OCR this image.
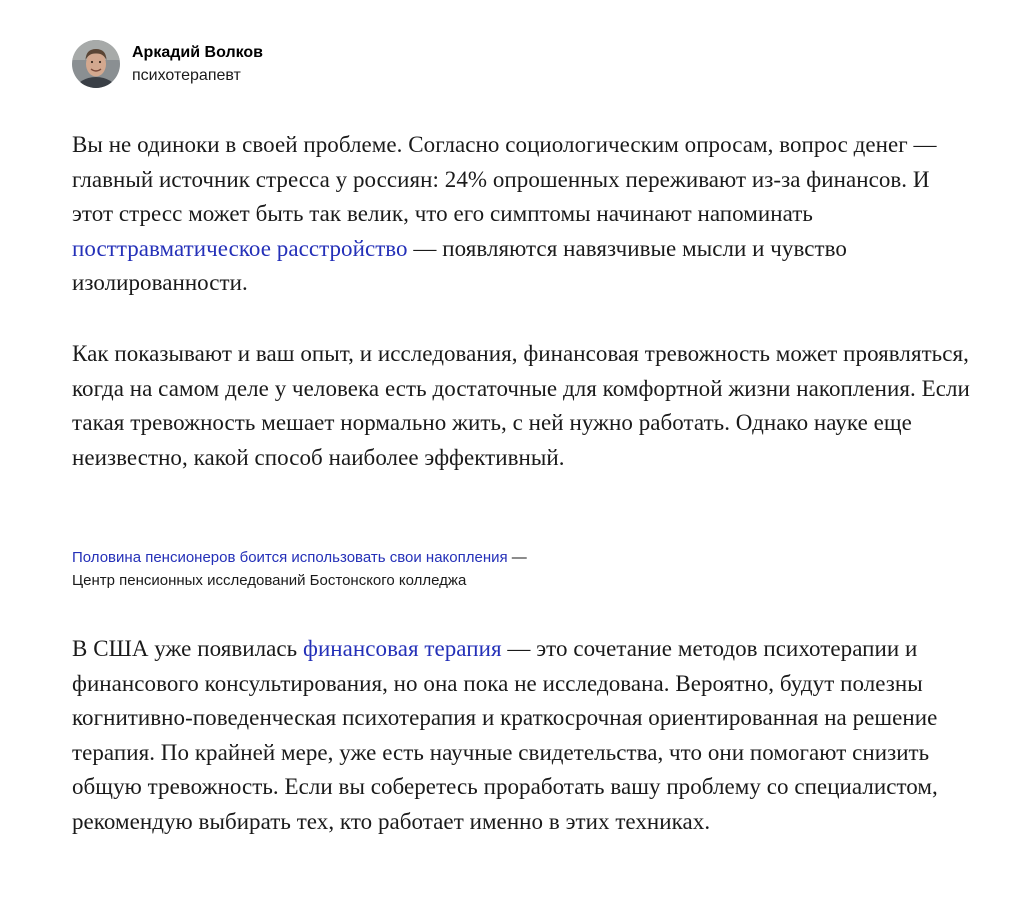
Аркадий Волков
психотерапевт

Вы не одиноки в своей проблеме. Согласно социологическим опросам, вопрос денег — главный источник стресса у россиян: 24% опрошенных переживают из‑за финансов. И этот стресс может быть так велик, что его симптомы начинают напоминать посттравматическое расстройство — появляются навязчивые мысли и чувство изолированности.

Как показывают и ваш опыт, и исследования, финансовая тревожность может проявляться, когда на самом деле у человека есть достаточные для комфортной жизни накопления. Если такая тревожность мешает нормально жить, с ней нужно работать. Однако науке еще неизвестно, какой способ наиболее эффективный.

Половина пенсионеров боится использовать свои накопления —
Центр пенсионных исследований Бостонского колледжа

В США уже появилась финансовая терапия — это сочетание методов психотерапии и финансового консультирования, но она пока не исследована. Вероятно, будут полезны когнитивно‑поведенческая психотерапия и краткосрочная ориентированная на решение терапия. По крайней мере, уже есть научные свидетельства, что они помогают снизить общую тревожность. Если вы соберетесь проработать вашу проблему со специалистом, рекомендую выбирать тех, кто работает именно в этих техниках.
